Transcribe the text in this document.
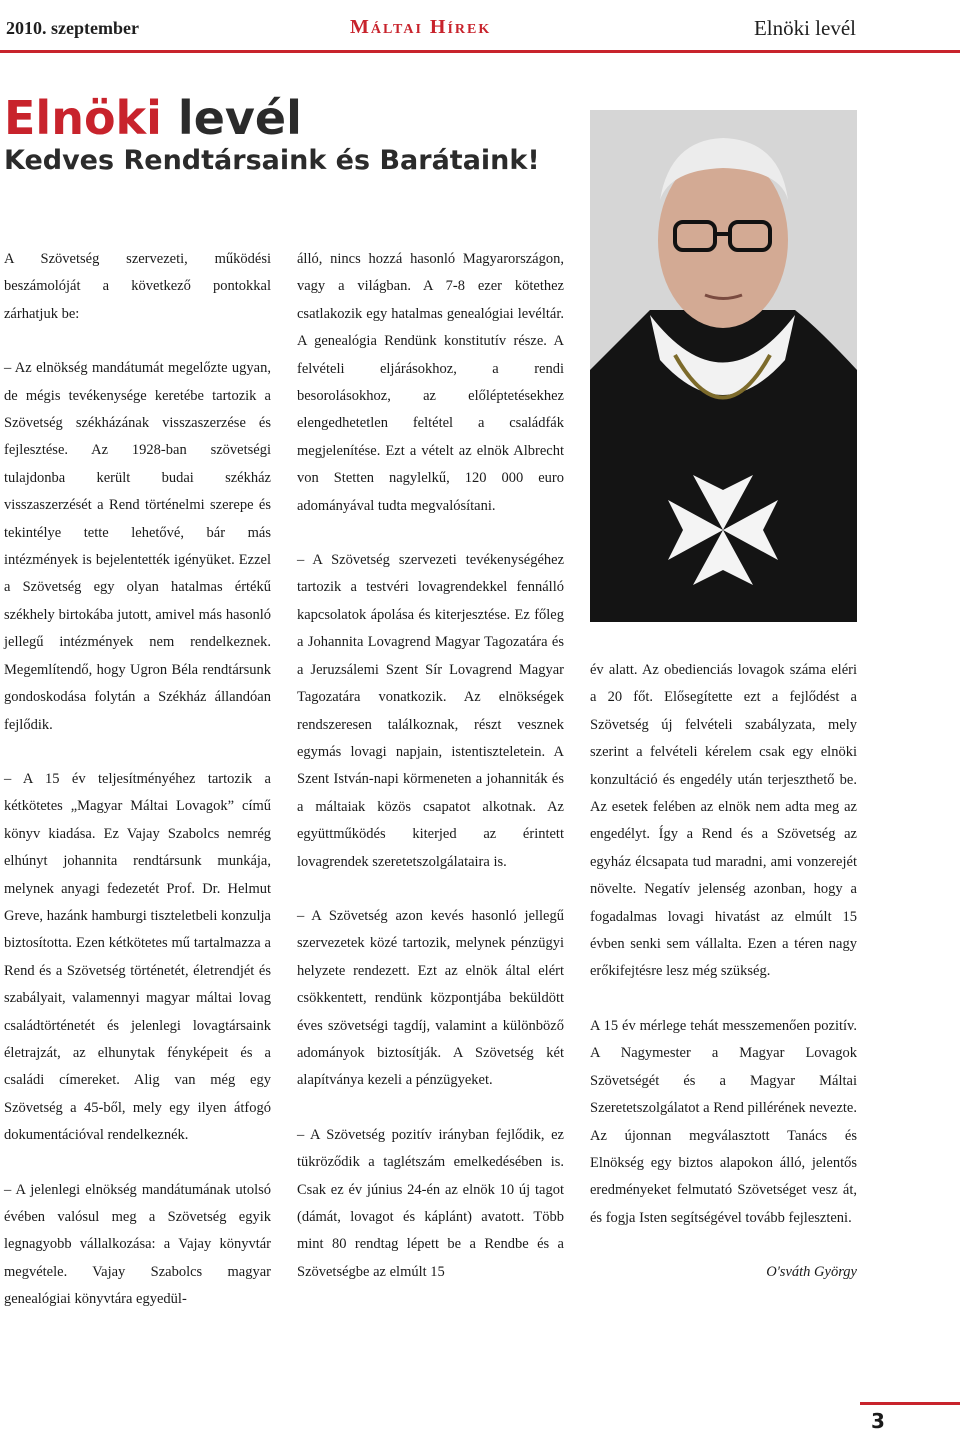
2010. szeptember	Máltai Hírek	Elnöki levél
Elnöki levél
Kedves Rendtársaink és Barátaink!

A Szövetség szervezeti, működési beszámolóját a következő pontokkal zárhatjuk be:

– Az elnökség mandátumát megelőzte ugyan, de mégis tevékenysége keretébe tartozik a Szövetség székházának visszaszerzése és fejlesztése. Az 1928-ban szövetségi tulajdonba került budai székház visszaszerzését a Rend történelmi szerepe és tekintélye tette lehetővé, bár más intézmények is bejelentették igényüket. Ezzel a Szövetség egy olyan hatalmas értékű székhely birtokába jutott, amivel más hasonló jellegű intézmények nem rendelkeznek. Megemlítendő, hogy Ugron Béla rendtársunk gondoskodása folytán a Székház állandóan fejlődik.

– A 15 év teljesítményéhez tartozik a kétkötetes „Magyar Máltai Lovagok” című könyv kiadása. Ez Vajay Szabolcs nemrég elhúnyt johannita rendtársunk munkája, melynek anyagi fedezetét Prof. Dr. Helmut Greve, hazánk hamburgi tiszteletbeli konzulja biztosította. Ezen kétkötetes mű tartalmazza a Rend és a Szövetség történetét, életrendjét és szabályait, valamennyi magyar máltai lovag családtörténetét és jelenlegi lovagtársaink életrajzát, az elhunytak fényképeit és a családi címereket. Alig van még egy Szövetség a 45-ből, mely egy ilyen átfogó dokumentációval rendelkeznék.

– A jelenlegi elnökség mandátumának utolsó évében valósul meg a Szövetség egyik legnagyobb vállalkozása: a Vajay könyvtár megvétele. Vajay Szabolcs magyar genealógiai könyvtára egyedül-

álló, nincs hozzá hasonló Magyarországon, vagy a világban. A 7-8 ezer kötethez csatlakozik egy hatalmas genealógiai levéltár. A genealógia Rendünk konstitutív része. A felvételi eljárásokhoz, a rendi besorolásokhoz, az előléptetésekhez elengedhetetlen feltétel a családfák megjelenítése. Ezt a vételt az elnök Albrecht von Stetten nagylelkű, 120 000 euro adományával tudta megvalósítani.

– A Szövetség szervezeti tevékenységéhez tartozik a testvéri lovagrendekkel fennálló kapcsolatok ápolása és kiterjesztése. Ez főleg a Johannita Lovagrend Magyar Tagozatára és a Jeruzsálemi Szent Sír Lovagrend Magyar Tagozatára vonatkozik. Az elnökségek rendszeresen találkoznak, részt vesznek egymás lovagi napjain, istentiszteletein. A Szent István-napi körmeneten a johanniták és a máltaiak közös csapatot alkotnak. Az együttműködés kiterjed az érintett lovagrendek szeretetszolgálataira is.

– A Szövetség azon kevés hasonló jellegű szervezetek közé tartozik, melynek pénzügyi helyzete rendezett. Ezt az elnök által elért csökkentett, rendünk központjába beküldött éves szövetségi tagdíj, valamint a különböző adományok biztosítják. A Szövetség két alapítványa kezeli a pénzügyeket.

– A Szövetség pozitív irányban fejlődik, ez tükröződik a taglétszám emelkedésében is. Csak ez év június 24-én az elnök 10 új tagot (dámát, lovagot és káplánt) avatott. Több mint 80 rendtag lépett be a Rendbe és a Szövetségbe az elmúlt 15

év alatt. Az obedienciás lovagok száma eléri a 20 főt. Elősegítette ezt a fejlődést a Szövetség új felvételi szabályzata, mely szerint a felvételi kérelem csak egy elnöki konzultáció és engedély után terjeszthető be. Az esetek felében az elnök nem adta meg az engedélyt. Így a Rend és a Szövetség az egyház élcsapata tud maradni, ami vonzerejét növelte. Negatív jelenség azonban, hogy a fogadalmas lovagi hivatást az elmúlt 15 évben senki sem vállalta. Ezen a téren nagy erőkifejtésre lesz még szükség.

A 15 év mérlege tehát messzemenően pozitív. A Nagymester a Magyar Lovagok Szövetségét és a Magyar Máltai Szeretetszolgálatot a Rend pillérének nevezte. Az újonnan megválasztott Tanács és Elnökség egy biztos alapokon álló, jelentős eredményeket felmutató Szövetséget vesz át, és fogja Isten segítségével tovább fejleszteni.

O'sváth György

3
